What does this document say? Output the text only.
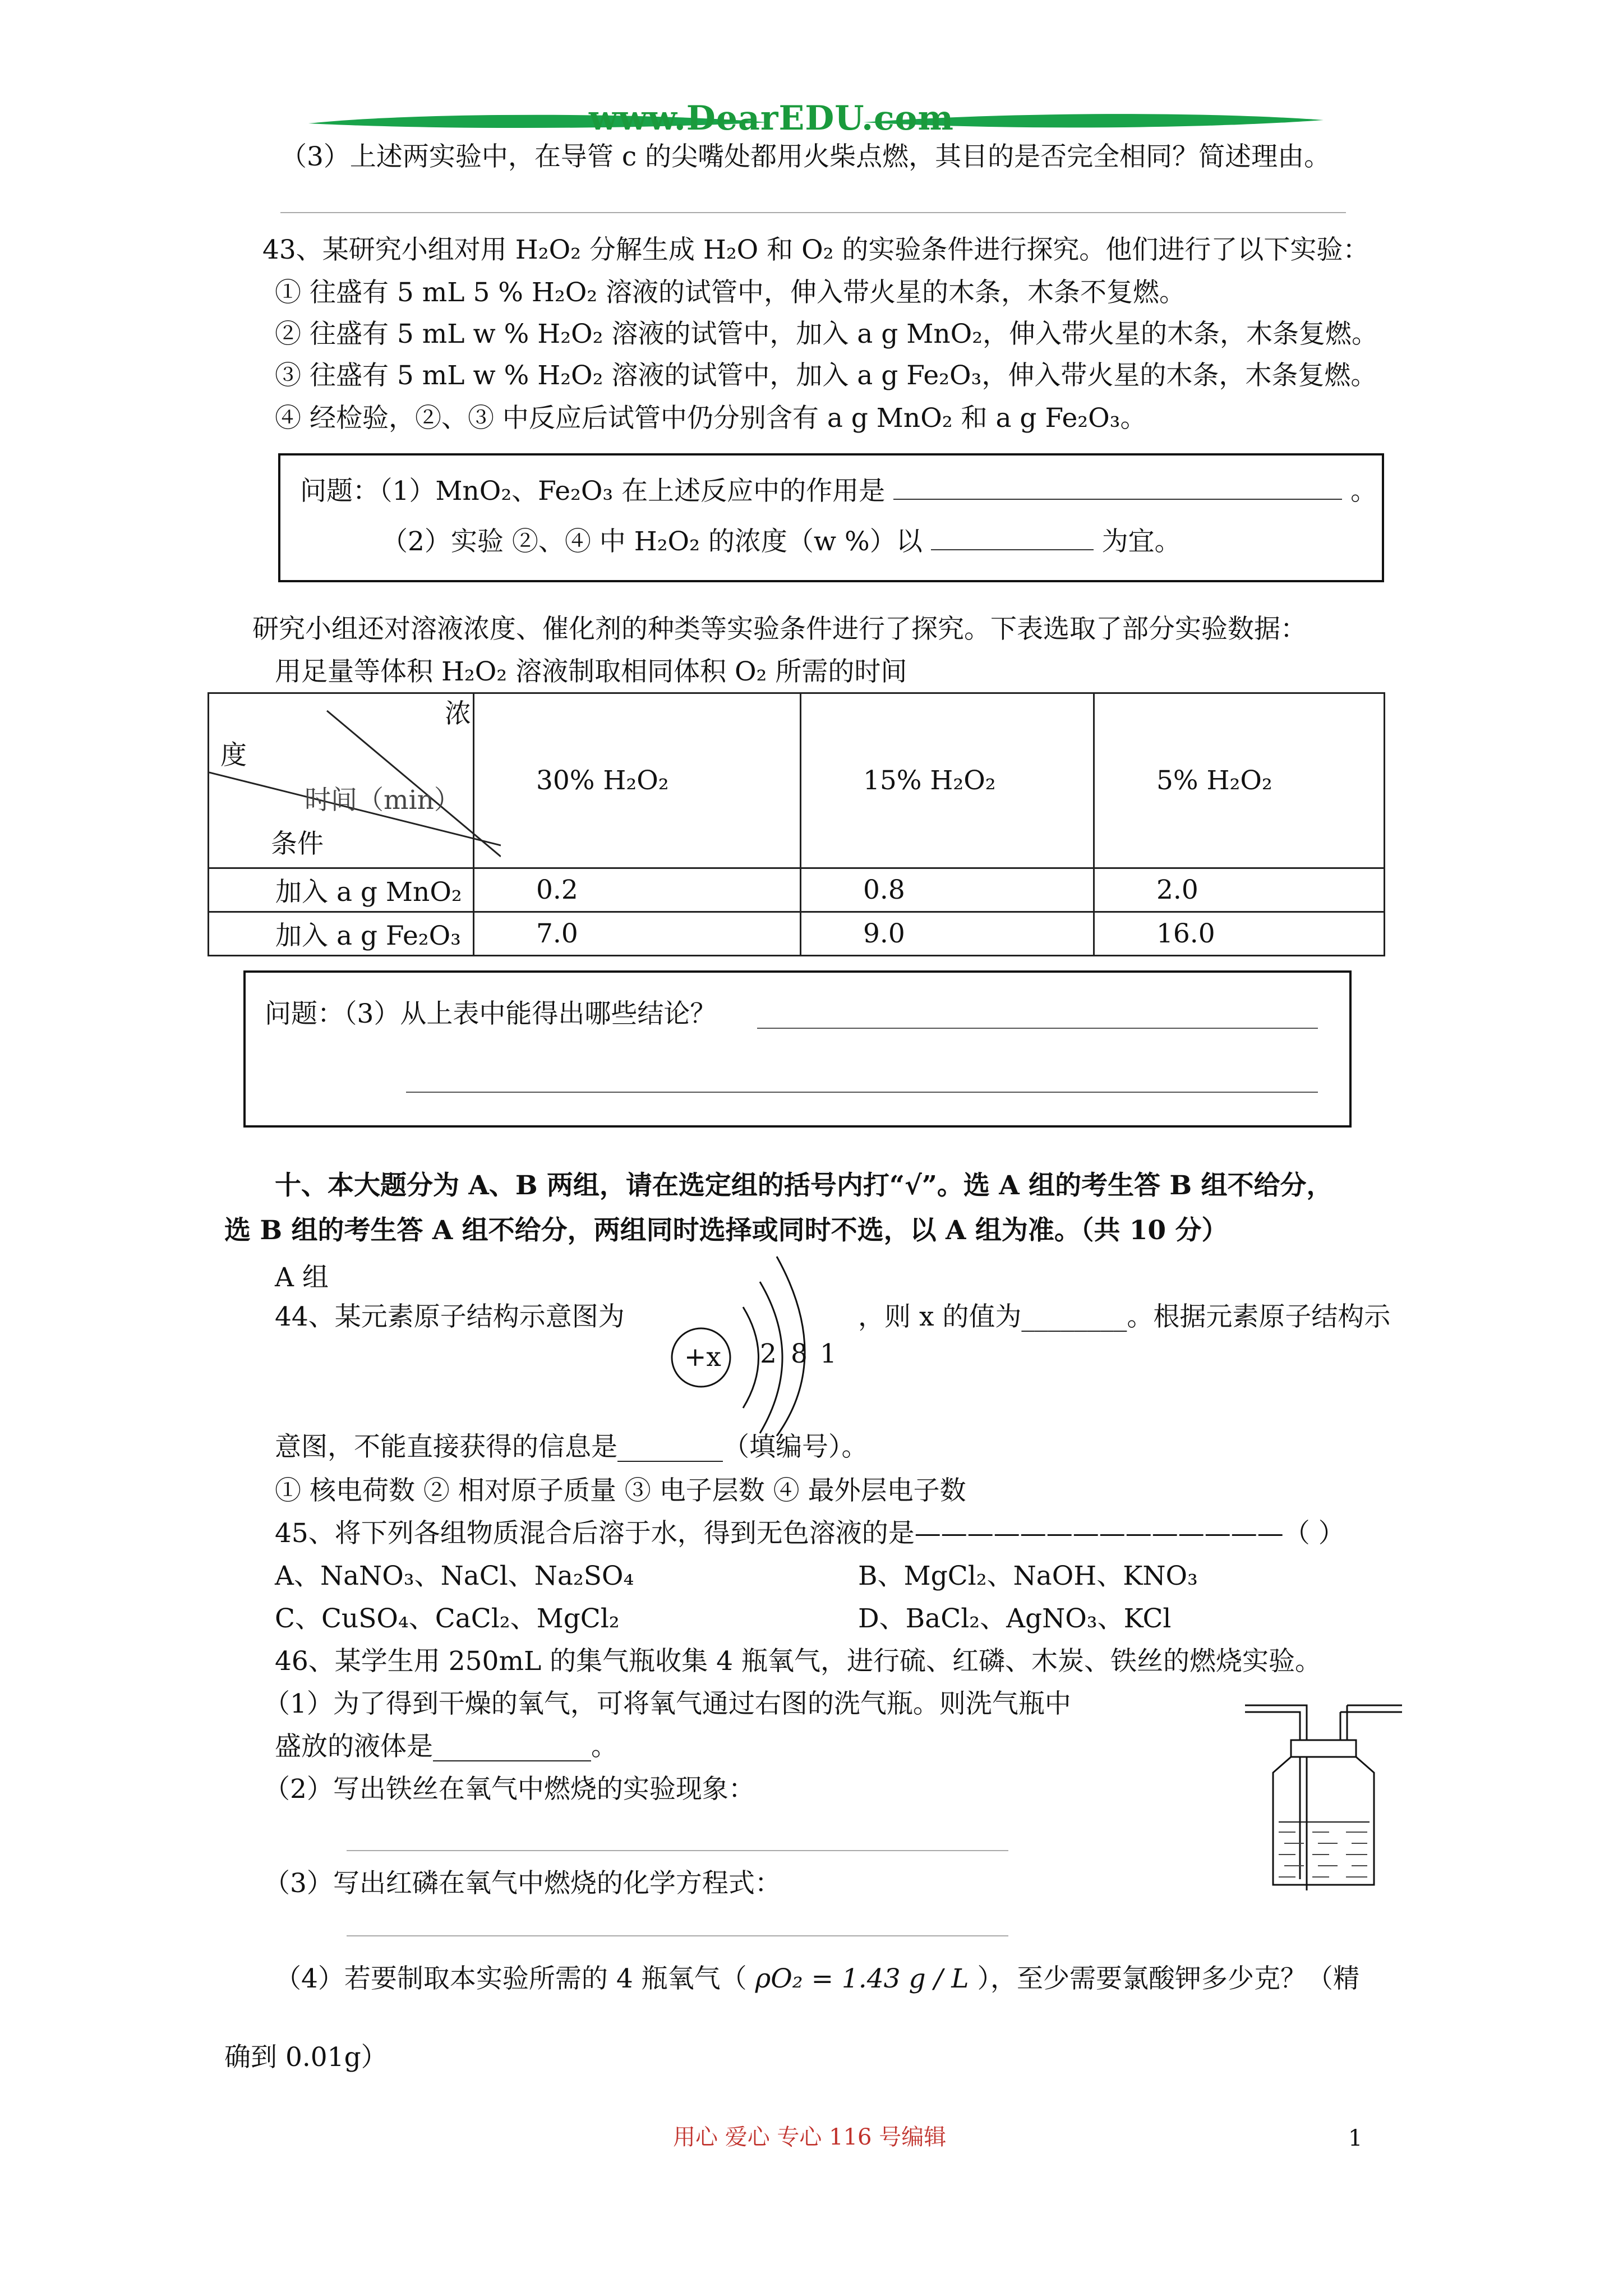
www.DearEDU.com
（3）上述两实验中，在导管 c 的尖嘴处都用火柴点燃，其目的是否完全相同？简述理由。
43、某研究小组对用 H₂O₂ 分解生成 H₂O 和 O₂ 的实验条件进行探究。他们进行了以下实验：
① 往盛有 5 mL 5 % H₂O₂ 溶液的试管中，伸入带火星的木条，木条不复燃。
② 往盛有 5 mL w % H₂O₂ 溶液的试管中，加入 a g MnO₂，伸入带火星的木条，木条复燃。
③ 往盛有 5 mL w % H₂O₂ 溶液的试管中，加入 a g Fe₂O₃，伸入带火星的木条，木条复燃。
④ 经检验，②、③ 中反应后试管中仍分别含有 a g MnO₂ 和 a g Fe₂O₃。
问题：（1）MnO₂、Fe₂O₃ 在上述反应中的作用是	。
（2）实验 ②、④ 中 H₂O₂ 的浓度（w %）以	为宜。
研究小组还对溶液浓度、催化剂的种类等实验条件进行了探究。下表选取了部分实验数据：
用足量等体积 H₂O₂ 溶液制取相同体积 O₂ 所需的时间
浓
度
时间（min）
条件	30% H₂O₂	15% H₂O₂	5% H₂O₂
加入 a g MnO₂	0.2	0.8	2.0
加入 a g Fe₂O₃	7.0	9.0	16.0
问题：（3）从上表中能得出哪些结论？
十、本大题分为 A、B 两组，请在选定组的括号内打“√”。选 A 组的考生答 B 组不给分，
选 B 组的考生答 A 组不给分，两组同时选择或同时不选，以 A 组为准。（共 10 分）
A 组
44、某元素原子结构示意图为
+x 2 8 1
，则 x 的值为________。根据元素原子结构示
意图，不能直接获得的信息是________（填编号）。
① 核电荷数 ② 相对原子质量 ③ 电子层数 ④ 最外层电子数
45、将下列各组物质混合后溶于水，得到无色溶液的是——————————————（ ）
A、NaNO₃、NaCl、Na₂SO₄	B、MgCl₂、NaOH、KNO₃
C、CuSO₄、CaCl₂、MgCl₂	D、BaCl₂、AgNO₃、KCl
46、某学生用 250mL 的集气瓶收集 4 瓶氧气，进行硫、红磷、木炭、铁丝的燃烧实验。
（1）为了得到干燥的氧气，可将氧气通过右图的洗气瓶。则洗气瓶中
盛放的液体是____________。
（2）写出铁丝在氧气中燃烧的实验现象：
（3）写出红磷在氧气中燃烧的化学方程式：
（4）若要制取本实验所需的 4 瓶氧气（ ρO₂ = 1.43 g / L ），至少需要氯酸钾多少克？（精
确到 0.01g）
用心 爱心 专心 116 号编辑	1
